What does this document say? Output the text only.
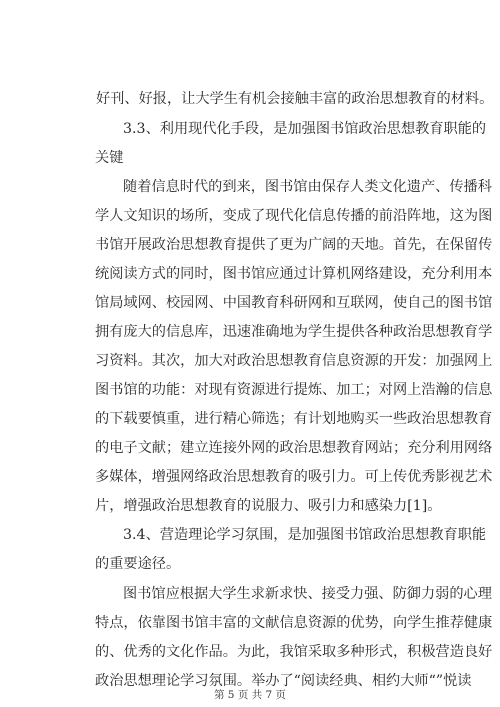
好刊、好报，让大学生有机会接触丰富的政治思想教育的材料。
3.3、利用现代化手段，是加强图书馆政治思想教育职能的
关键
随着信息时代的到来，图书馆由保存人类文化遗产、传播科
学人文知识的场所，变成了现代化信息传播的前沿阵地，这为图
书馆开展政治思想教育提供了更为广阔的天地。首先，在保留传
统阅读方式的同时，图书馆应通过计算机网络建设，充分利用本
馆局域网、校园网、中国教育科研网和互联网，使自己的图书馆
拥有庞大的信息库，迅速准确地为学生提供各种政治思想教育学
习资料。其次，加大对政治思想教育信息资源的开发：加强网上
图书馆的功能：对现有资源进行提炼、加工；对网上浩瀚的信息
的下载要慎重，进行精心筛选；有计划地购买一些政治思想教育
的电子文献；建立连接外网的政治思想教育网站；充分利用网络
多媒体，增强网络政治思想教育的吸引力。可上传优秀影视艺术
片，增强政治思想教育的说服力、吸引力和感染力[1]。
3.4、营造理论学习氛围，是加强图书馆政治思想教育职能
的重要途径。
图书馆应根据大学生求新求快、接受力强、防御力弱的心理
特点，依靠图书馆丰富的文献信息资源的优势，向学生推荐健康
的、优秀的文化作品。为此，我馆采取多种形式，积极营造良好
政治思想理论学习氛围。举办了“阅读经典、相约大师“”悦读
第 5 页 共 7 页
